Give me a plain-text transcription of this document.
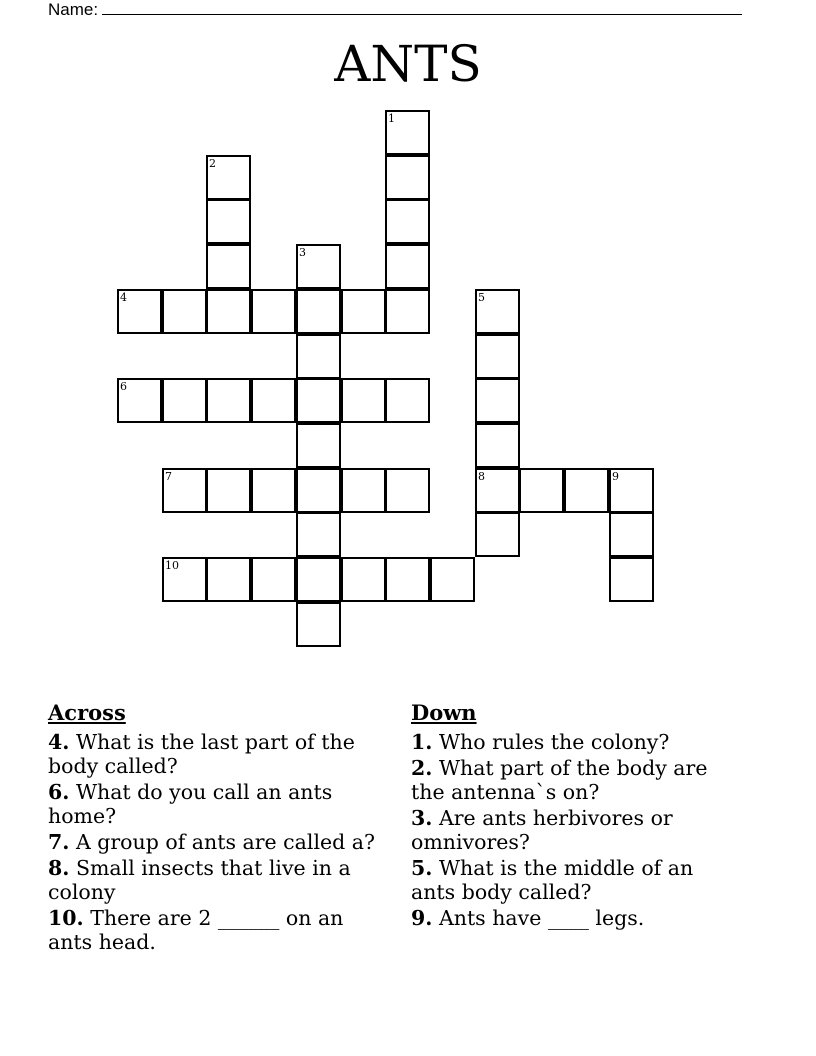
Name:
ANTS
1
2
3
4	5
6
7	8	9
10
Across
4. What is the last part of the body called?
6. What do you call an ants home?
7. A group of ants are called a?
8. Small insects that live in a colony
10. There are 2 ______ on an ants head.
Down
1. Who rules the colony?
2. What part of the body are the antenna`s on?
3. Are ants herbivores or omnivores?
5. What is the middle of an ants body called?
9. Ants have ____ legs.
